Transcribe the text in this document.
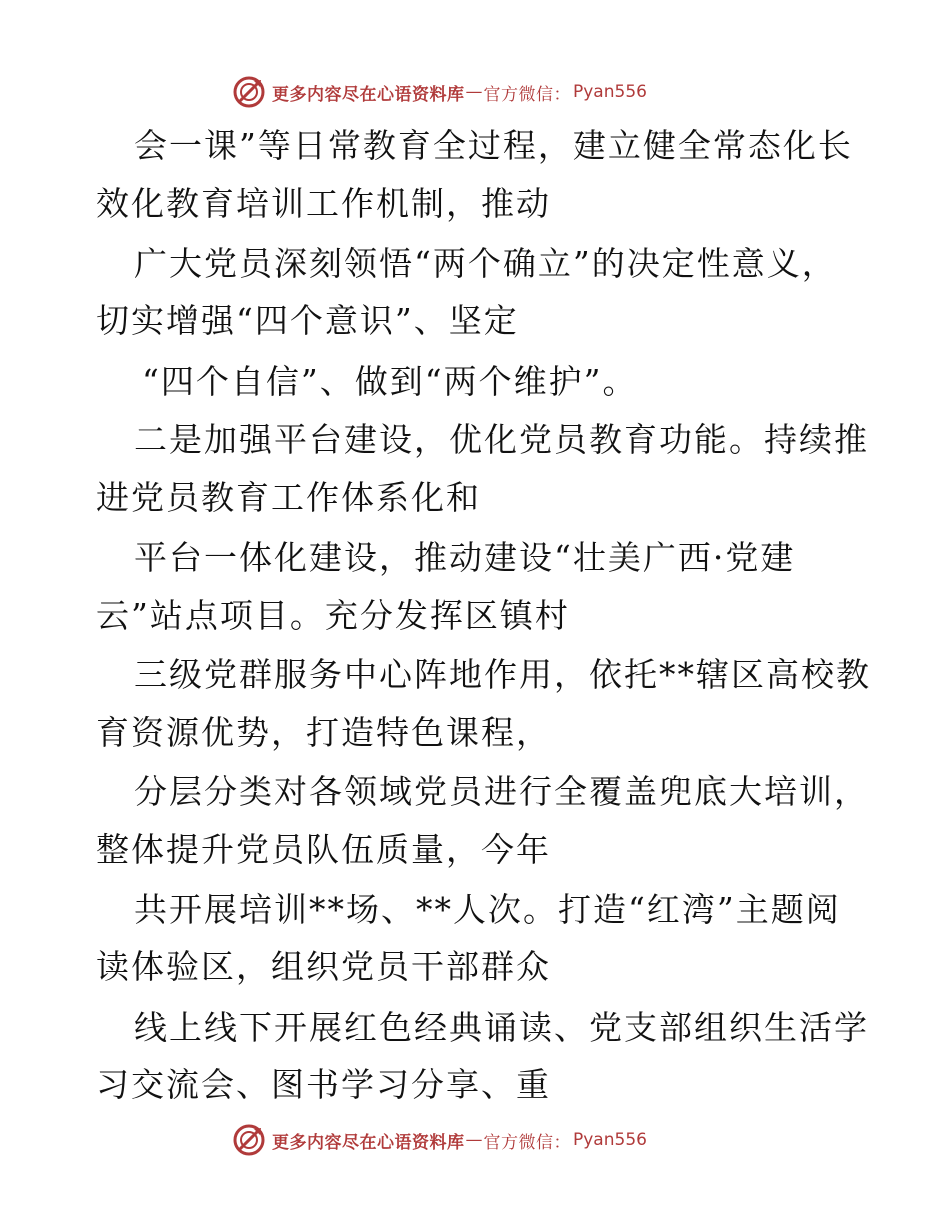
更多内容尽在心语资料库 — 官方微信： Pyan556
会一课”等日常教育全过程，建立健全常态化长
效化教育培训工作机制，推动
广大党员深刻领悟“两个确立”的决定性意义，
切实增强“四个意识”、坚定
“四个自信”、做到“两个维护”。
二是加强平台建设，优化党员教育功能。持续推
进党员教育工作体系化和
平台一体化建设，推动建设“壮美广西·党建
云”站点项目。充分发挥区镇村
三级党群服务中心阵地作用，依托**辖区高校教
育资源优势，打造特色课程，
分层分类对各领域党员进行全覆盖兜底大培训，
整体提升党员队伍质量，今年
共开展培训**场、**人次。打造“红湾”主题阅
读体验区，组织党员干部群众
线上线下开展红色经典诵读、党支部组织生活学
习交流会、图书学习分享、重
更多内容尽在心语资料库 — 官方微信： Pyan556
